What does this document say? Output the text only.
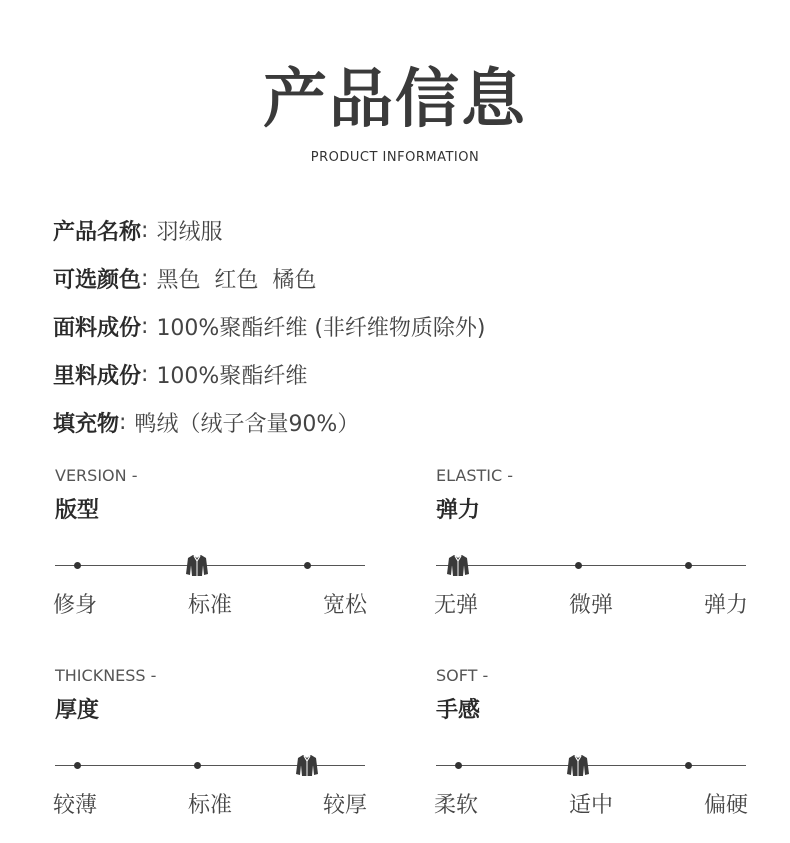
产品信息
PRODUCT INFORMATION
产品名称 : 羽绒服
可选颜色 : 黑色  红色  橘色
面料成份 : 100%聚酯纤维 (非纤维物质除外)
里料成份 : 100%聚酯纤维
填充物 : 鸭绒（绒子含量90%）
VERSION -
版型
修身	标准	宽松
ELASTIC -
弹力
无弹	微弹	弹力
THICKNESS -
厚度
较薄	标准	较厚
SOFT -
手感
柔软	适中	偏硬
